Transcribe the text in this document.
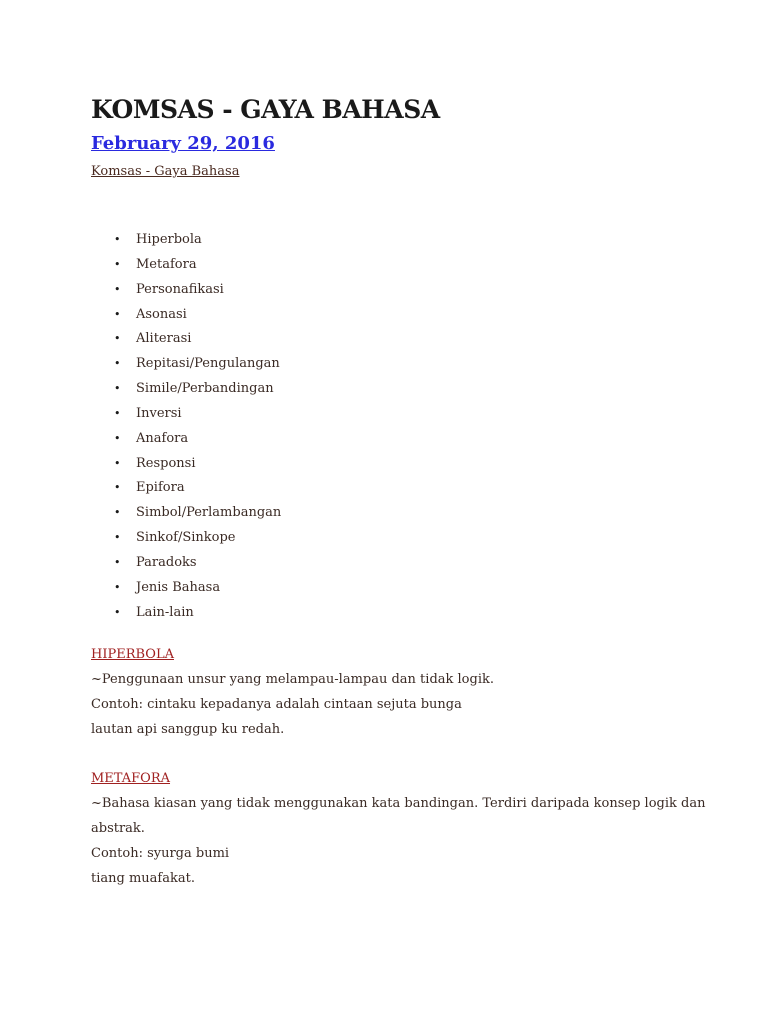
KOMSAS - GAYA BAHASA
February 29, 2016
Komsas - Gaya Bahasa
• Hiperbola
• Metafora
• Personafikasi
• Asonasi
• Aliterasi
• Repitasi/Pengulangan
• Simile/Perbandingan
• Inversi
• Anafora
• Responsi
• Epifora
• Simbol/Perlambangan
• Sinkof/Sinkope
• Paradoks
• Jenis Bahasa
• Lain-lain
HIPERBOLA
~Penggunaan unsur yang melampau-lampau dan tidak logik.
Contoh: cintaku kepadanya adalah cintaan sejuta bunga
lautan api sanggup ku redah.
METAFORA
~Bahasa kiasan yang tidak menggunakan kata bandingan. Terdiri daripada konsep logik dan
abstrak.
Contoh: syurga bumi
tiang muafakat.
